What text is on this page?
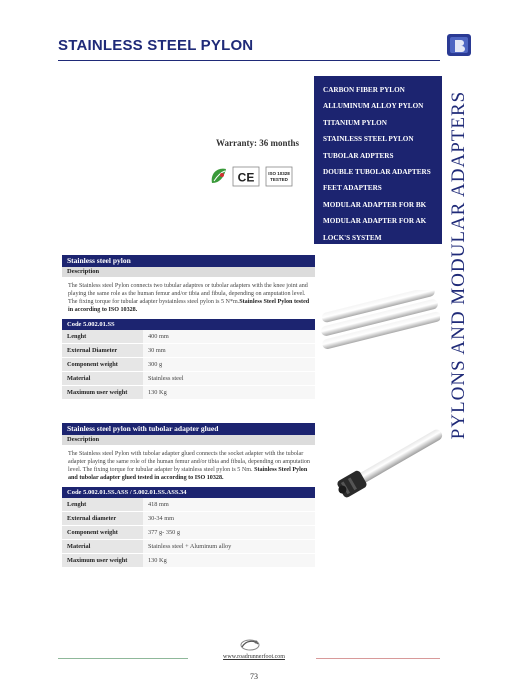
STAINLESS STEEL PYLON
CARBON FIBER PYLON
ALLUMINUM ALLOY PYLON
TITANIUM PYLON
STAINLESS STEEL PYLON
TUBOLAR ADPTERS
DOUBLE TUBOLAR ADAPTERS
FEET ADAPTERS
MODULAR ADAPTER FOR BK
MODULAR ADAPTER FOR AK
LOCK'S SYSTEM	PYLONS AND MODULAR ADAPTERS
Warranty: 36 months
CE	ISO 10328
TESTED
Stainless steel pylon
Description
The Stainless steel Pylon connects two tubular adaptres or tubolar adapters with the knee joint and playing the same role as the human femur and/or tibia and fibula, depending on amputation level. The fixing torque for tubular adapter bystainless steel pylon is 5 N*m.Stainless Steel Pylon tested in according to ISO 10328.
Code 5.002.01.SS
Lenght	400 mm
External Diameter	30 mm
Component weight	300 g
Material	Stainless steel
Maximum user weight	130 Kg
Stainless steel pylon with tubolar adapter glued
Description
The Stainless steel Pylon with tubolar adapter glued connects the socket adapter with the tubolar adapter playing the same role of the human femur and/or tibia and fibula, depending on amputation level. The fixing torque for tubular adapter by stainless steel pylon is 5 Nm. Stainless Steel Pylon and tubolar adapter glued tested in according to ISO 10328.
Code 5.002.01.SS.ASS / 5.002.01.SS.ASS.34
Lenght	418 mm
External diameter	30-34 mm
Component weight	377 g- 350 g
Material	Stainless steel + Aluminum alloy
Maximum user weight	130 Kg
www.roadrunnerfoot.com
73
